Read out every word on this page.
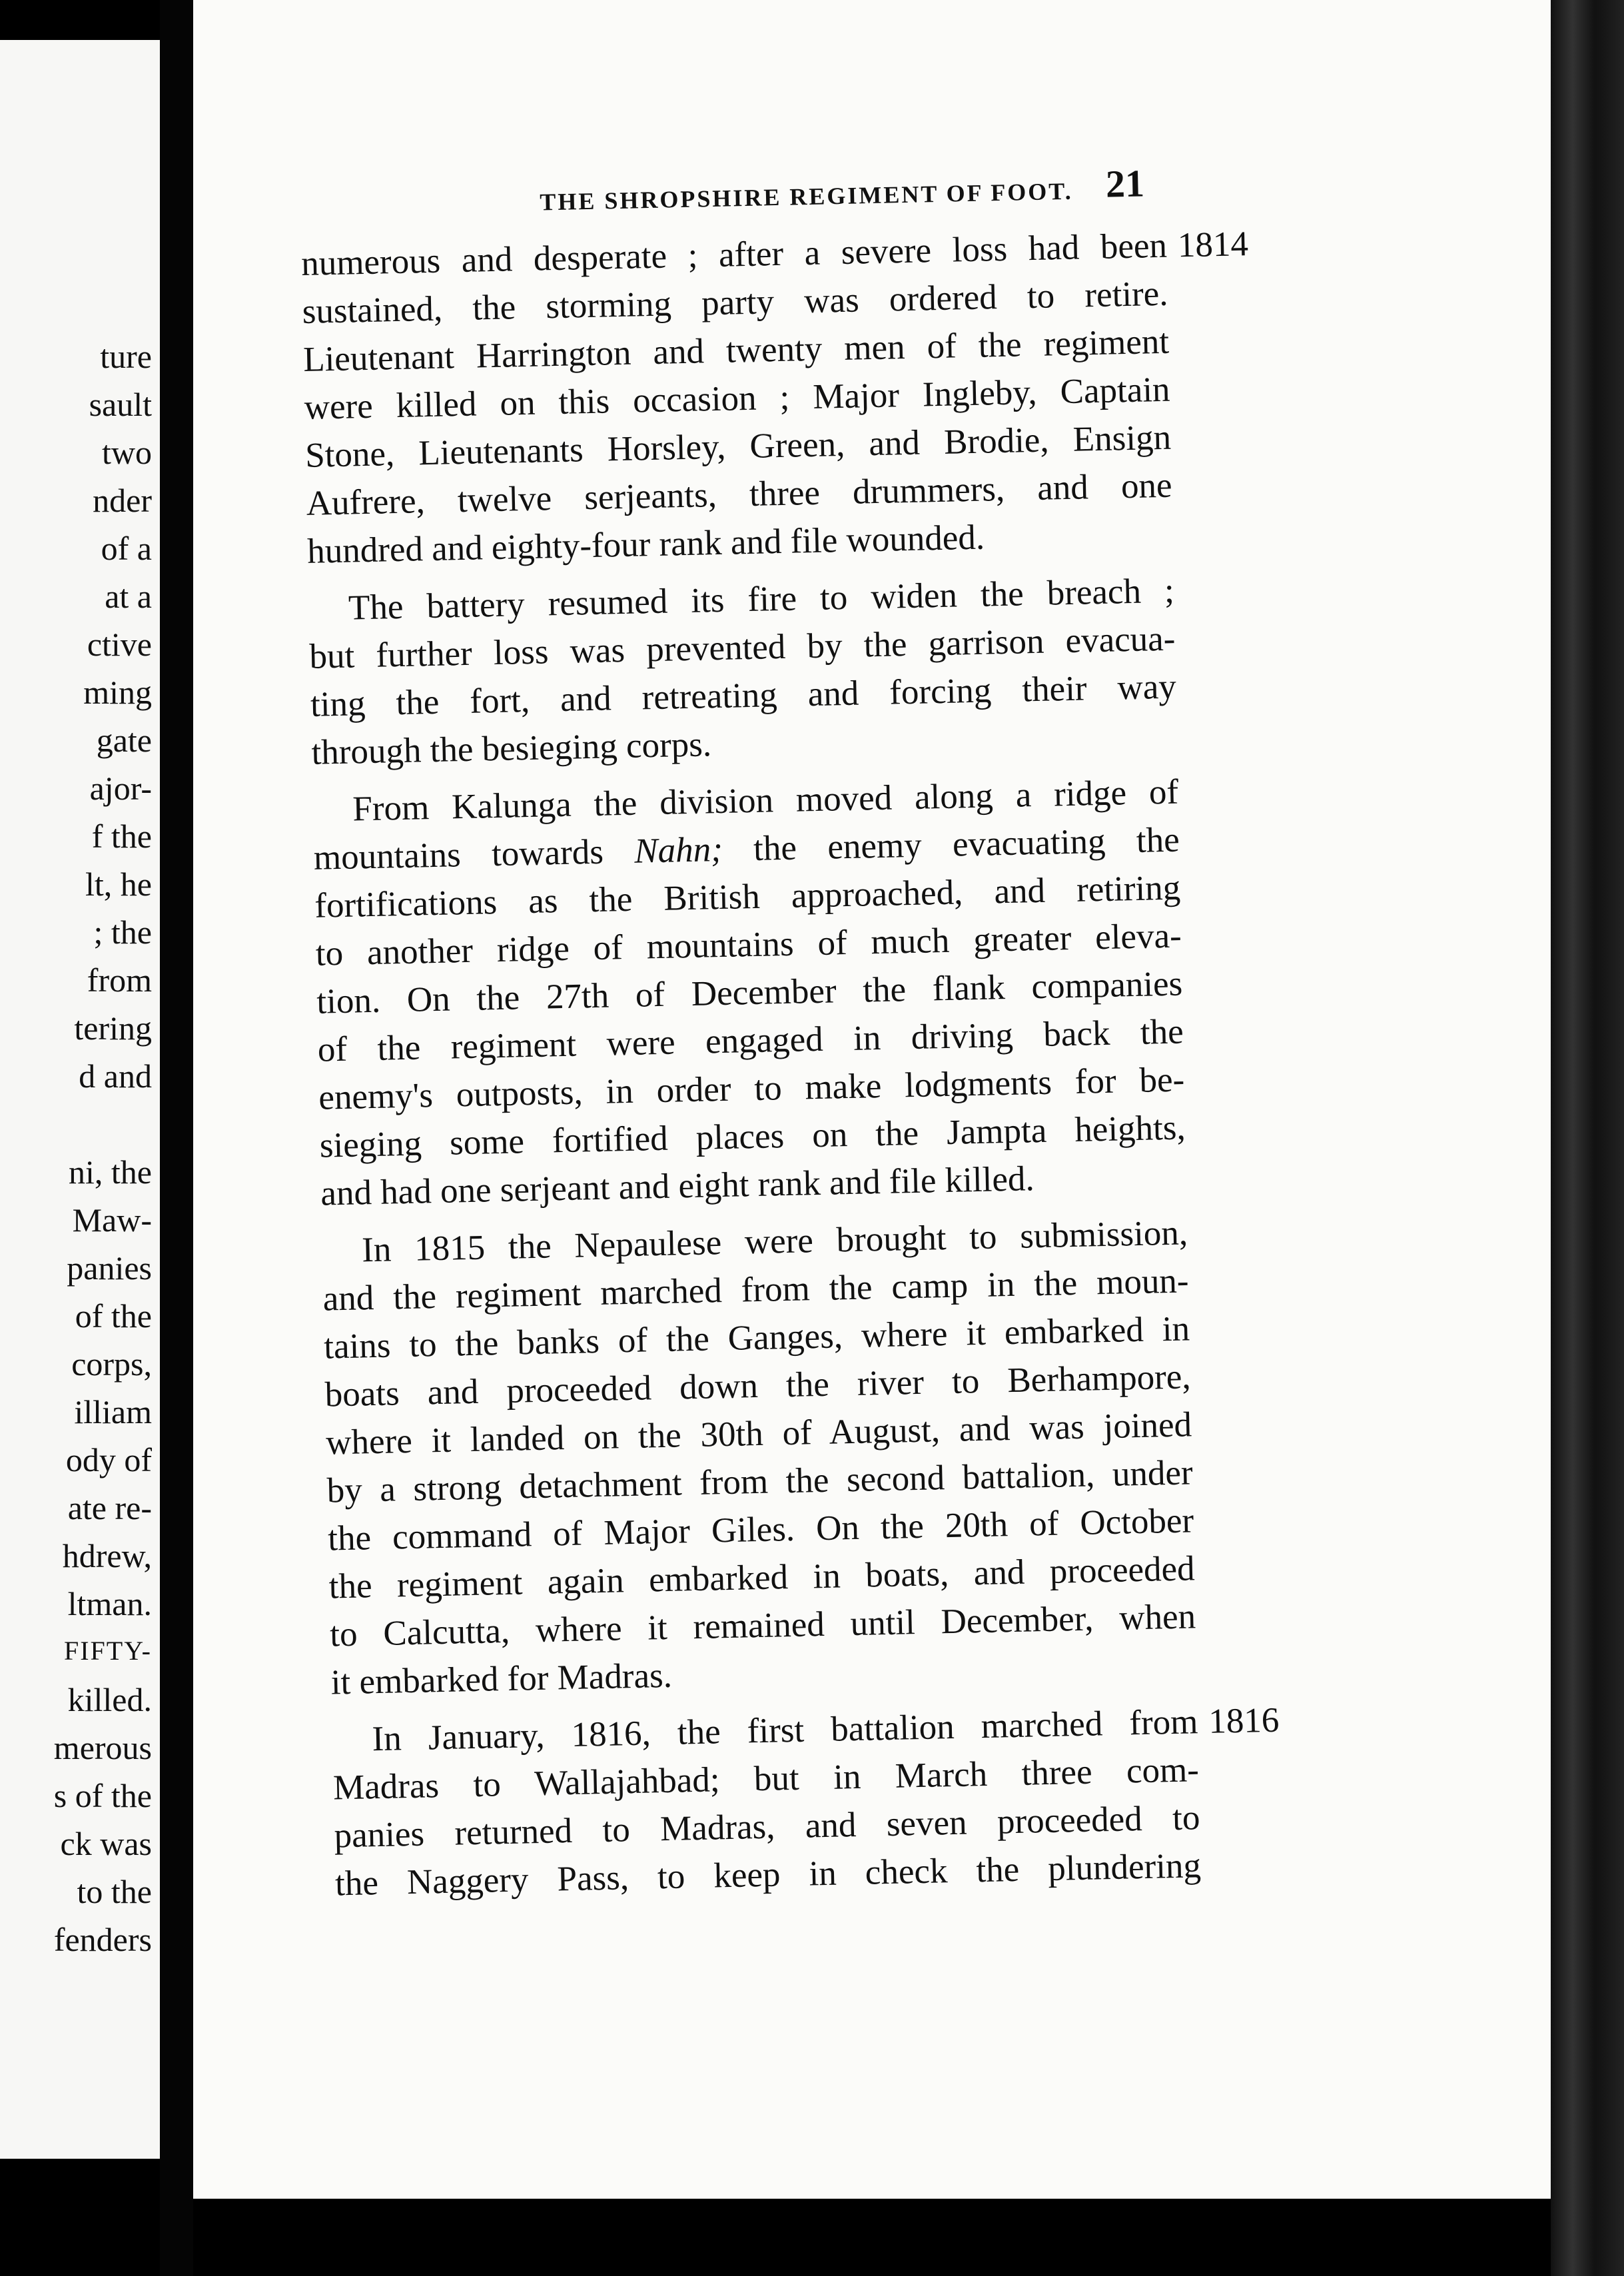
ture
sault
two
nder
of a
at a
ctive
ming
gate
ajor-
f the
lt, he
; the
from
tering
d and
ni, the
Maw-
panies
of the
corps,
illiam
ody of
ate re-
hdrew,
ltman.
FIFTY-
killed.
merous
s of the
ck was
to the
fenders
THE SHROPSHIRE REGIMENT OF FOOT. 21
numerous and desperate ; after a severe loss had been 1814
sustained, the storming party was ordered to retire.
Lieutenant Harrington and twenty men of the regiment
were killed on this occasion ; Major Ingleby, Captain
Stone, Lieutenants Horsley, Green, and Brodie, Ensign
Aufrere, twelve serjeants, three drummers, and one
hundred and eighty-four rank and file wounded.
The battery resumed its fire to widen the breach ;
but further loss was prevented by the garrison evacua-
ting the fort, and retreating and forcing their way
through the besieging corps.
From Kalunga the division moved along a ridge of
mountains towards Nahn; the enemy evacuating the
fortifications as the British approached, and retiring
to another ridge of mountains of much greater eleva-
tion. On the 27th of December the flank companies
of the regiment were engaged in driving back the
enemy's outposts, in order to make lodgments for be-
sieging some fortified places on the Jampta heights,
and had one serjeant and eight rank and file killed.
In 1815 the Nepaulese were brought to submission,
and the regiment marched from the camp in the moun-
tains to the banks of the Ganges, where it embarked in
boats and proceeded down the river to Berhampore,
where it landed on the 30th of August, and was joined
by a strong detachment from the second battalion, under
the command of Major Giles. On the 20th of October
the regiment again embarked in boats, and proceeded
to Calcutta, where it remained until December, when
it embarked for Madras.
In January, 1816, the first battalion marched from 1816
Madras to Wallajahbad; but in March three com-
panies returned to Madras, and seven proceeded to
the Naggery Pass, to keep in check the plundering
